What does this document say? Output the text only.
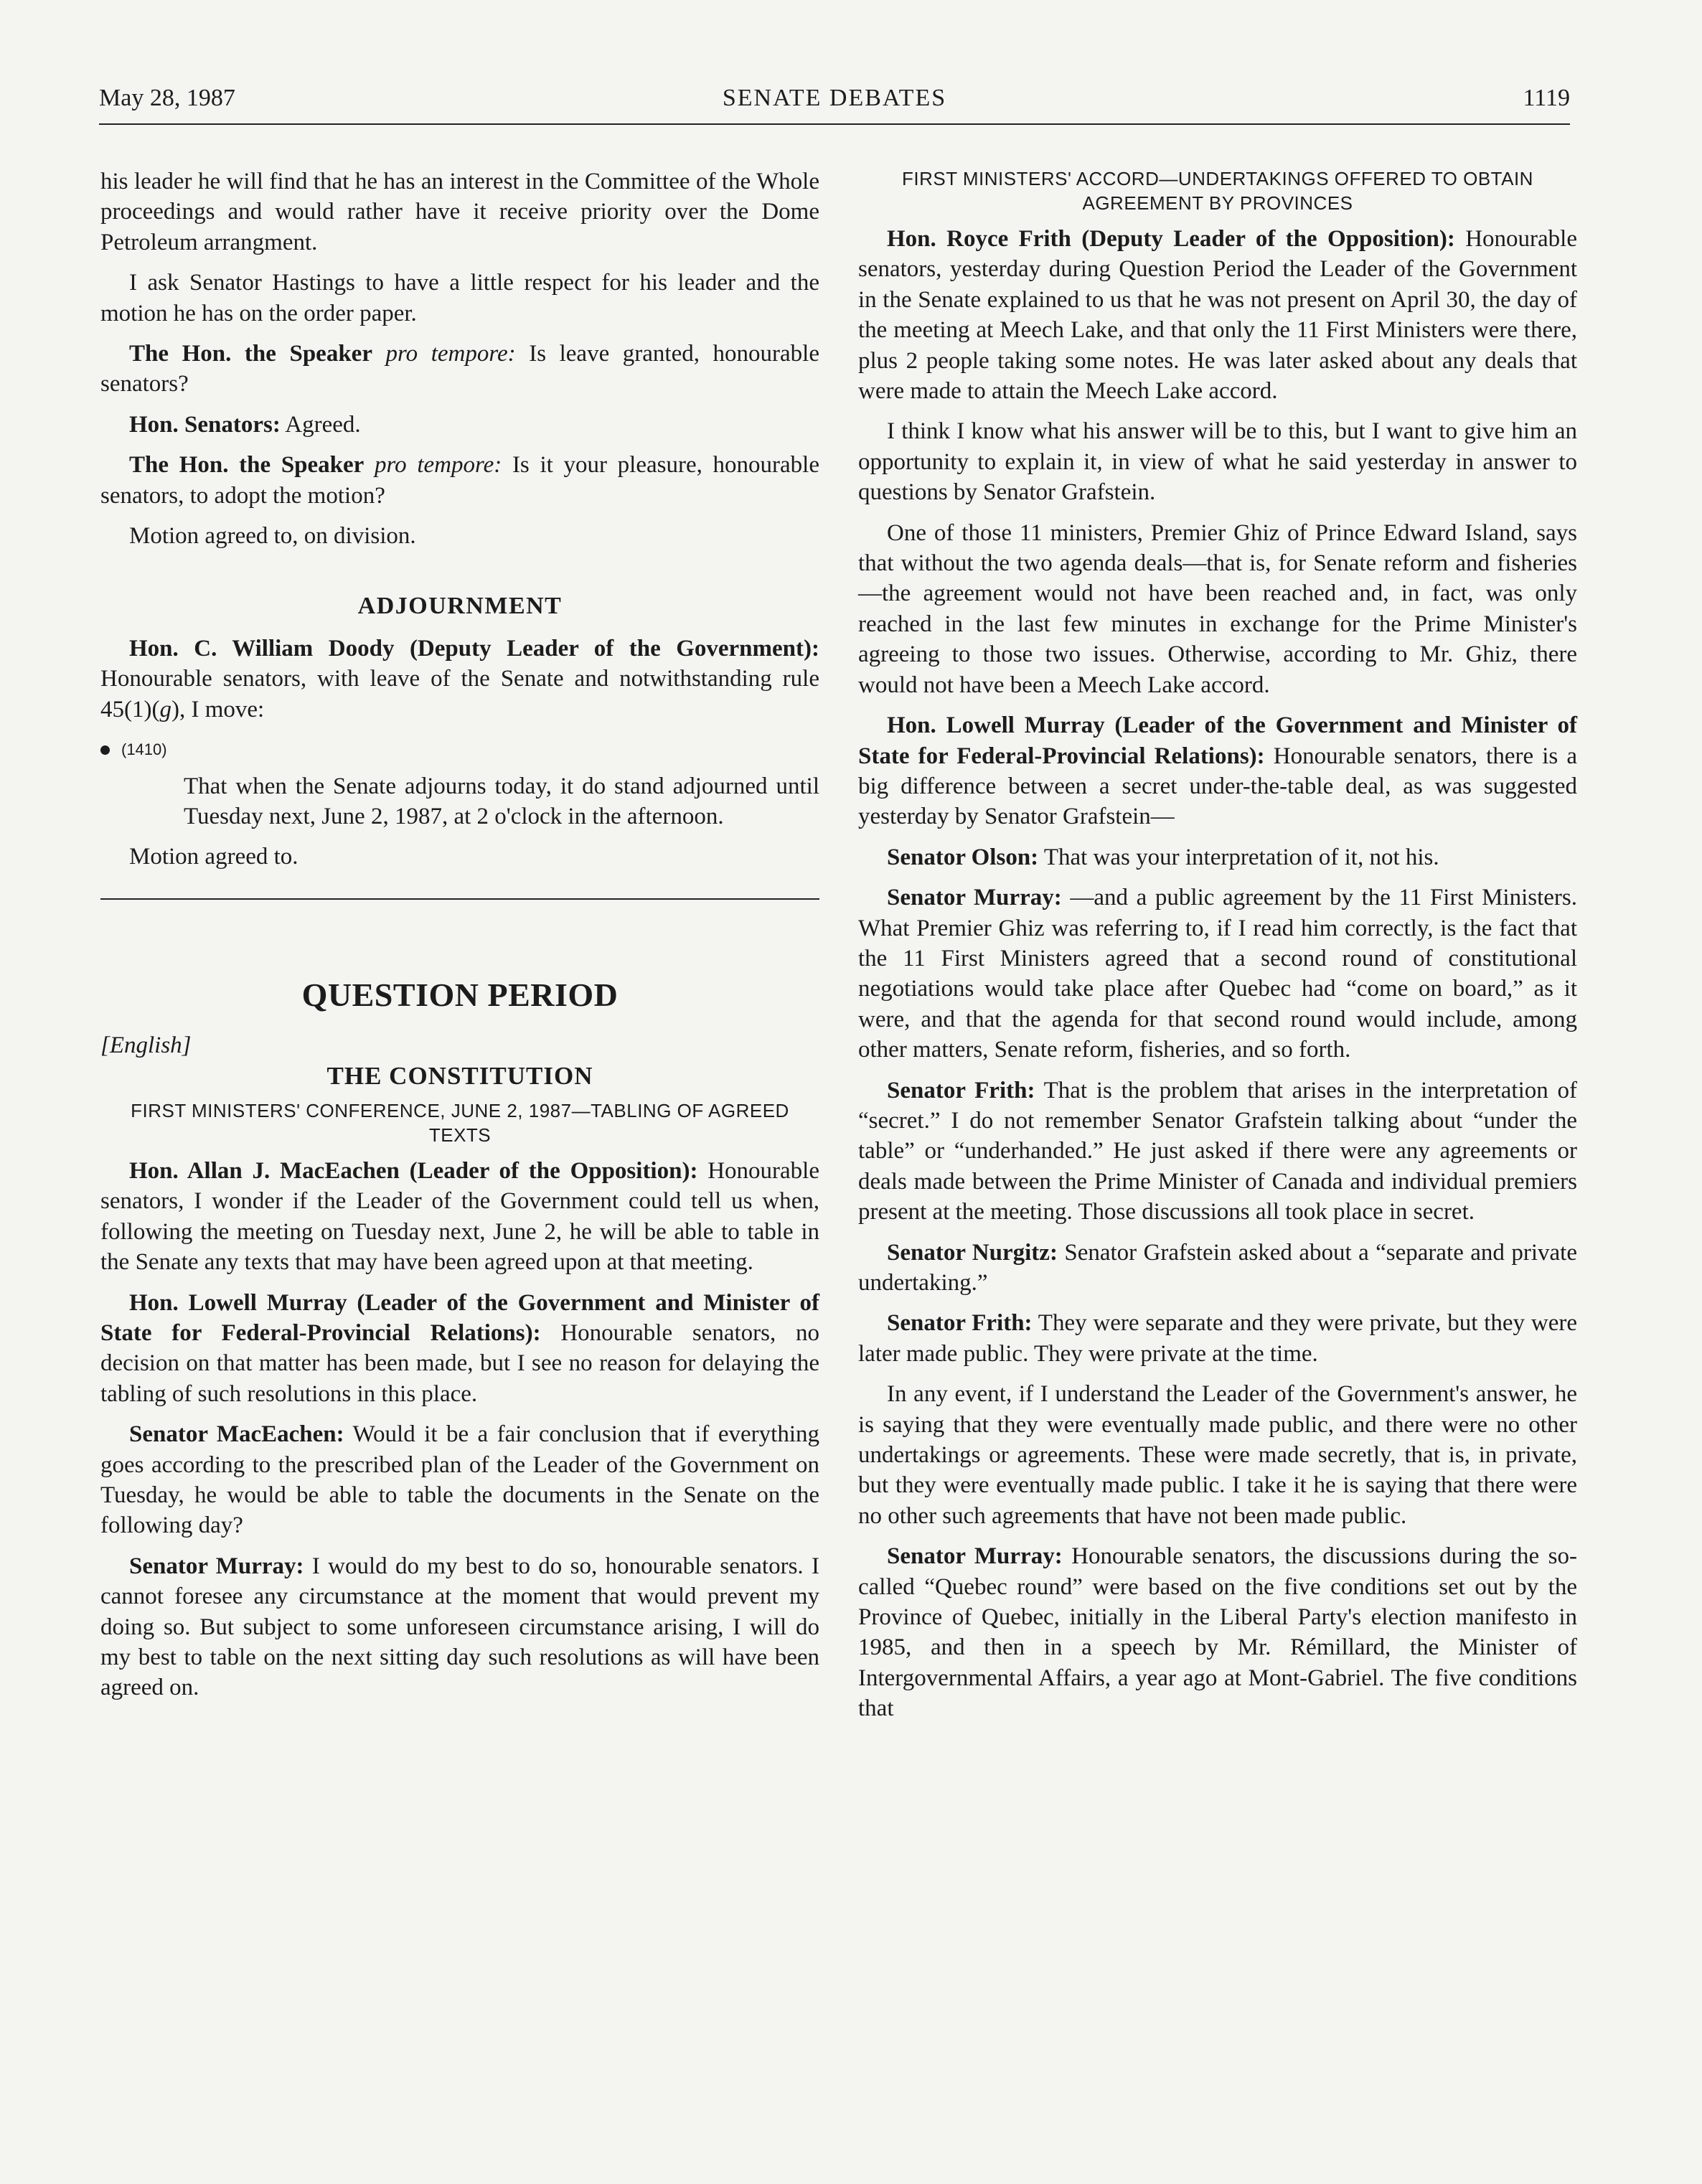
May 28, 1987	SENATE DEBATES	1119

his leader he will find that he has an interest in the Committee of the Whole proceedings and would rather have it receive priority over the Dome Petroleum arrangment.

I ask Senator Hastings to have a little respect for his leader and the motion he has on the order paper.

The Hon. the Speaker pro tempore: Is leave granted, honourable senators?

Hon. Senators: Agreed.

The Hon. the Speaker pro tempore: Is it your pleasure, honourable senators, to adopt the motion?

Motion agreed to, on division.

ADJOURNMENT

Hon. C. William Doody (Deputy Leader of the Government): Honourable senators, with leave of the Senate and notwithstanding rule 45(1)(g), I move:

(1410)

That when the Senate adjourns today, it do stand adjourned until Tuesday next, June 2, 1987, at 2 o'clock in the afternoon.

Motion agreed to.

QUESTION PERIOD
[English]
THE CONSTITUTION
FIRST MINISTERS' CONFERENCE, JUNE 2, 1987—TABLING OF AGREED TEXTS

Hon. Allan J. MacEachen (Leader of the Opposition): Honourable senators, I wonder if the Leader of the Government could tell us when, following the meeting on Tuesday next, June 2, he will be able to table in the Senate any texts that may have been agreed upon at that meeting.

Hon. Lowell Murray (Leader of the Government and Minister of State for Federal-Provincial Relations): Honourable senators, no decision on that matter has been made, but I see no reason for delaying the tabling of such resolutions in this place.

Senator MacEachen: Would it be a fair conclusion that if everything goes according to the prescribed plan of the Leader of the Government on Tuesday, he would be able to table the documents in the Senate on the following day?

Senator Murray: I would do my best to do so, honourable senators. I cannot foresee any circumstance at the moment that would prevent my doing so. But subject to some unforeseen circumstance arising, I will do my best to table on the next sitting day such resolutions as will have been agreed on.

FIRST MINISTERS' ACCORD—UNDERTAKINGS OFFERED TO OBTAIN AGREEMENT BY PROVINCES

Hon. Royce Frith (Deputy Leader of the Opposition): Honourable senators, yesterday during Question Period the Leader of the Government in the Senate explained to us that he was not present on April 30, the day of the meeting at Meech Lake, and that only the 11 First Ministers were there, plus 2 people taking some notes. He was later asked about any deals that were made to attain the Meech Lake accord.

I think I know what his answer will be to this, but I want to give him an opportunity to explain it, in view of what he said yesterday in answer to questions by Senator Grafstein.

One of those 11 ministers, Premier Ghiz of Prince Edward Island, says that without the two agenda deals—that is, for Senate reform and fisheries—the agreement would not have been reached and, in fact, was only reached in the last few minutes in exchange for the Prime Minister's agreeing to those two issues. Otherwise, according to Mr. Ghiz, there would not have been a Meech Lake accord.

Hon. Lowell Murray (Leader of the Government and Minister of State for Federal-Provincial Relations): Honourable senators, there is a big difference between a secret under-the-table deal, as was suggested yesterday by Senator Grafstein—

Senator Olson: That was your interpretation of it, not his.

Senator Murray: —and a public agreement by the 11 First Ministers. What Premier Ghiz was referring to, if I read him correctly, is the fact that the 11 First Ministers agreed that a second round of constitutional negotiations would take place after Quebec had “come on board,” as it were, and that the agenda for that second round would include, among other matters, Senate reform, fisheries, and so forth.

Senator Frith: That is the problem that arises in the interpretation of “secret.” I do not remember Senator Grafstein talking about “under the table” or “underhanded.” He just asked if there were any agreements or deals made between the Prime Minister of Canada and individual premiers present at the meeting. Those discussions all took place in secret.

Senator Nurgitz: Senator Grafstein asked about a “separate and private undertaking.”

Senator Frith: They were separate and they were private, but they were later made public. They were private at the time.

In any event, if I understand the Leader of the Government's answer, he is saying that they were eventually made public, and there were no other undertakings or agreements. These were made secretly, that is, in private, but they were eventually made public. I take it he is saying that there were no other such agreements that have not been made public.

Senator Murray: Honourable senators, the discussions during the so-called “Quebec round” were based on the five conditions set out by the Province of Quebec, initially in the Liberal Party's election manifesto in 1985, and then in a speech by Mr. Rémillard, the Minister of Intergovernmental Affairs, a year ago at Mont-Gabriel. The five conditions that
